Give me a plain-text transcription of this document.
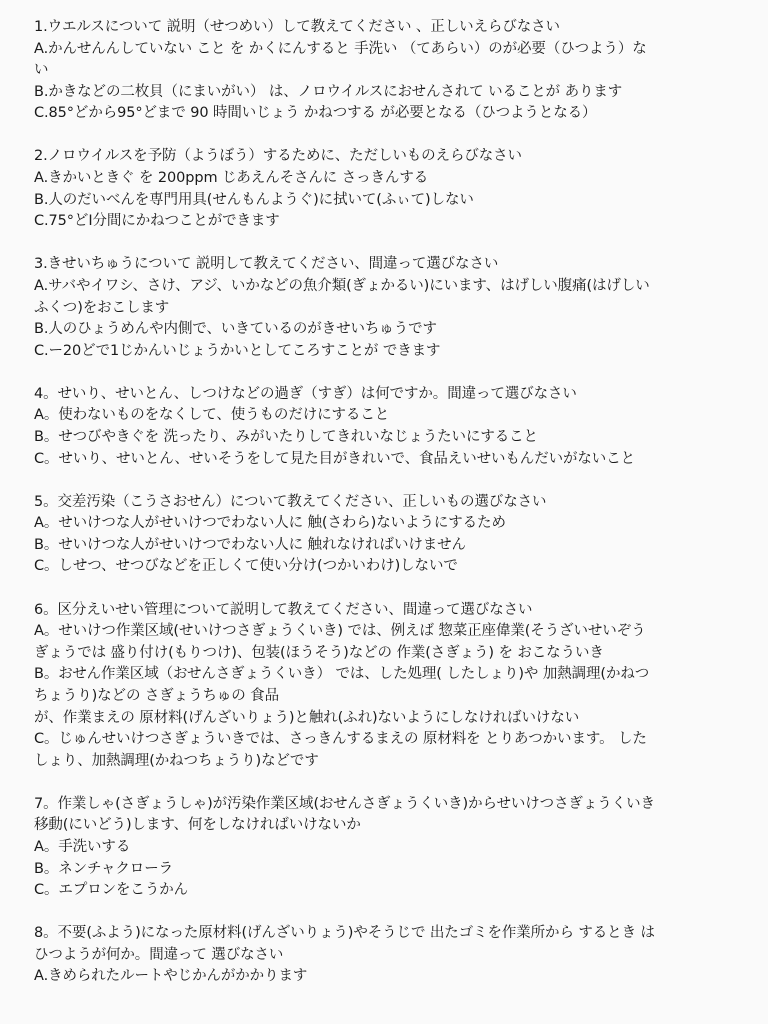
1.ウエルスについて 説明（せつめい）して教えてください 、正しいえらびなさい
A.かんせんんしていない こと を かくにんすると 手洗い （てあらい）のが必要（ひつよう）な
い
B.かきなどの二枚貝（にまいがい） は、ノロウイルスにおせんされて いることが あります
C.85°どから95°どまで 90 時間いじょう かねつする が必要となる（ひつようとなる）
2.ノロウイルスを予防（ようぼう）するために、ただしいものえらびなさい
A.きかいときぐ を 200ppm じあえんそさんに さっきんする
B.人のだいべんを専門用具(せんもんようぐ)に拭いて(ふぃて)しない
C.75°どⅠ分間にかねつことができます
3.きせいちゅうについて 説明して教えてください、間違って選びなさい
A.サバやイワシ、さけ、アジ、いかなどの魚介類(ぎょかるい)にいます、はげしい腹痛(はげしい
ふくつ)をおこします
B.人のひょうめんや内側で、いきているのがきせいちゅうです
C.ー20どで1じかんいじょうかいとしてころすことが できます
4。せいり、せいとん、しつけなどの過ぎ（すぎ）は何ですか。間違って選びなさい
A。使わないものをなくして、使うものだけにすること
B。せつびやきぐを 洗ったり、みがいたりしてきれいなじょうたいにすること
C。せいり、せいとん、せいそうをして見た目がきれいで、食品えいせいもんだいがないこと
5。交差汚染（こうさおせん）について教えてください、正しいもの選びなさい
A。せいけつな人がせいけつでわない人に 触(さわら)ないようにするため
B。せいけつな人がせいけつでわない人に 触れなければいけません
C。しせつ、せつびなどを正しくて使い分け(つかいわけ)しないで
6。区分えいせい管理について説明して教えてください、間違って選びなさい
A。せいけつ作業区域(せいけつさぎょうくいき) では、例えば 惣菜正座偉業(そうざいせいぞう
ぎょうでは 盛り付け(もりつけ)、包装(ほうそう)などの 作業(さぎょう) を おこなういき
B。おせん作業区域（おせんさぎょうくいき） では、した処理( したしょり)や 加熱調理(かねつ
ちょうり)などの さぎょうちゅの 食品
が、作業まえの 原材料(げんざいりょう)と触れ(ふれ)ないようにしなければいけない
C。じゅんせいけつさぎょういきでは、さっきんするまえの 原材料を とりあつかいます。 した
しょり、加熱調理(かねつちょうり)などです
7。作業しゃ(さぎょうしゃ)が汚染作業区域(おせんさぎょうくいき)からせいけつさぎょうくいき
移動(にいどう)します、何をしなければいけないか
A。手洗いする
B。ネンチャクローラ
C。エプロンをこうかん
8。不要(ふよう)になった原材料(げんざいりょう)やそうじで 出たゴミを作業所から するとき は
ひつようが何か。間違って 選びなさい
A.きめられたルートやじかんがかかります
